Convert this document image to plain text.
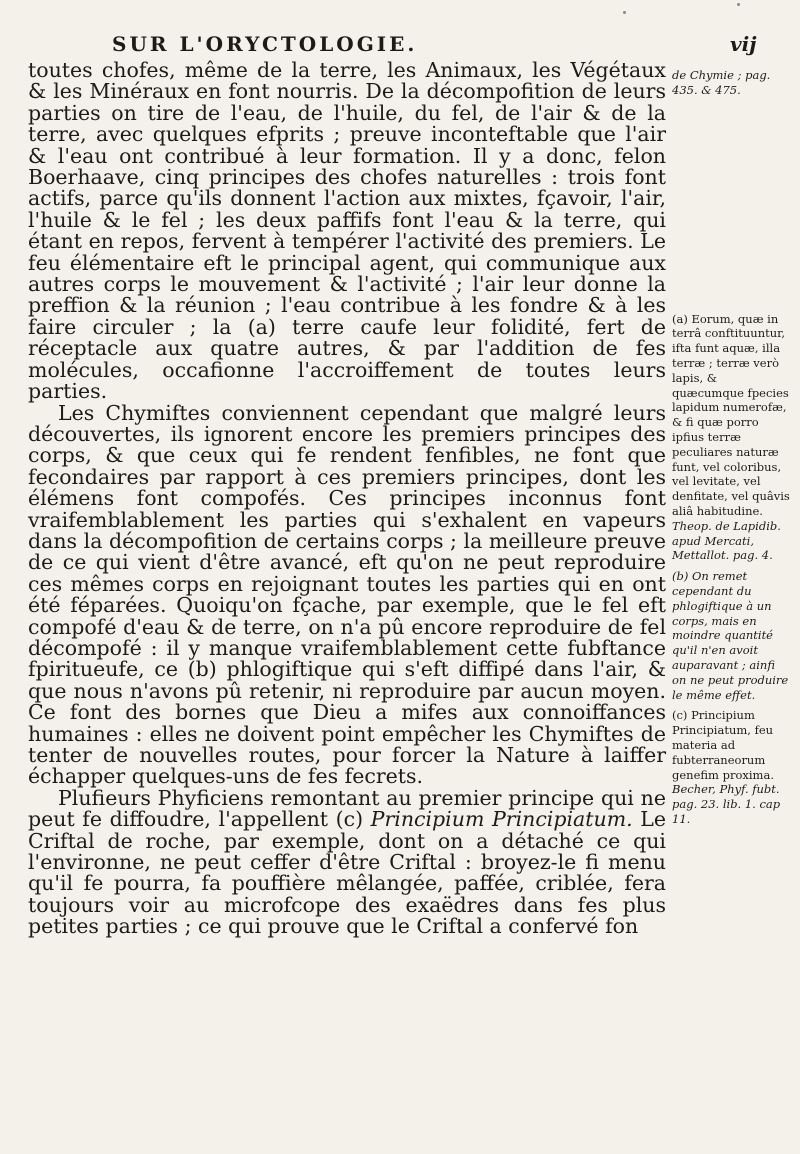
SUR L'ORYCTOLOGIE.	vij

toutes chofes, même de la terre, les Animaux, les Végétaux & les Minéraux en font nourris. De la décompofition de leurs parties on tire de l'eau, de l'huile, du fel, de l'air & de la terre, avec quelques efprits ; preuve inconteftable que l'air & l'eau ont contribué à leur formation. Il y a donc, felon Boerhaave, cinq principes des chofes naturelles : trois font actifs, parce qu'ils donnent l'action aux mixtes, fçavoir, l'air, l'huile & le fel ; les deux paffifs font l'eau & la terre, qui étant en repos, fervent à tempérer l'activité des premiers. Le feu élémentaire eft le principal agent, qui communique aux autres corps le mouvement & l'activité ; l'air leur donne la preffion & la réunion ; l'eau contribue à les fondre & à les faire circuler ; la (a) terre caufe leur folidité, fert de réceptacle aux quatre autres, & par l'addition de fes molécules, occafionne l'accroiffement de toutes leurs parties.

Les Chymiftes conviennent cependant que malgré leurs découvertes, ils ignorent encore les premiers principes des corps, & que ceux qui fe rendent fenfibles, ne font que fecondaires par rapport à ces premiers principes, dont les élémens font compofés. Ces principes inconnus font vraifemblablement les parties qui s'exhalent en vapeurs dans la décompofition de certains corps ; la meilleure preuve de ce qui vient d'être avancé, eft qu'on ne peut reproduire ces mêmes corps en rejoignant toutes les parties qui en ont été féparées. Quoiqu'on fçache, par exemple, que le fel eft compofé d'eau & de terre, on n'a pû encore reproduire de fel décompofé : il y manque vraifemblablement cette fubftance fpiritueufe, ce (b) phlogiftique qui s'eft diffipé dans l'air, & que nous n'avons pû retenir, ni reproduire par aucun moyen. Ce font des bornes que Dieu a mifes aux connoiffances humaines : elles ne doivent point empêcher les Chymiftes de tenter de nouvelles routes, pour forcer la Nature à laiffer échapper quelques-uns de fes fecrets.

Plufieurs Phyficiens remontant au premier principe qui ne peut fe diffoudre, l'appellent (c) Principium Principiatum. Le Criftal de roche, par exemple, dont on a détaché ce qui l'environne, ne peut ceffer d'être Criftal : broyez-le fi menu qu'il fe pourra, fa pouffière mêlangée, paffée, criblée, fera toujours voir au microfcope des exaëdres dans fes plus petites parties ; ce qui prouve que le Criftal a confervé fon

de Chymie ; pag. 435. & 475.

(a) Eorum, quæ in terrâ conftituuntur, ifta funt aquæ, illa terræ ; terræ verò lapis, & quæcumque fpecies lapidum numerofæ, & fi quæ porro ipfius terræ peculiares naturæ funt, vel coloribus, vel levitate, vel denfitate, vel quâvis aliâ habitudine.

Theop. de Lapidib. apud Mercati, Mettallot. pag. 4.

(b) On remet cependant du phlogiftique à un corps, mais en moindre quantité qu'il n'en avoit auparavant ; ainfi on ne peut produire le même effet.

(c) Principium Principiatum, feu materia ad fubterraneorum genefim proxima.

Becher, Phyf. fubt. pag. 23. lib. 1. cap 11.
